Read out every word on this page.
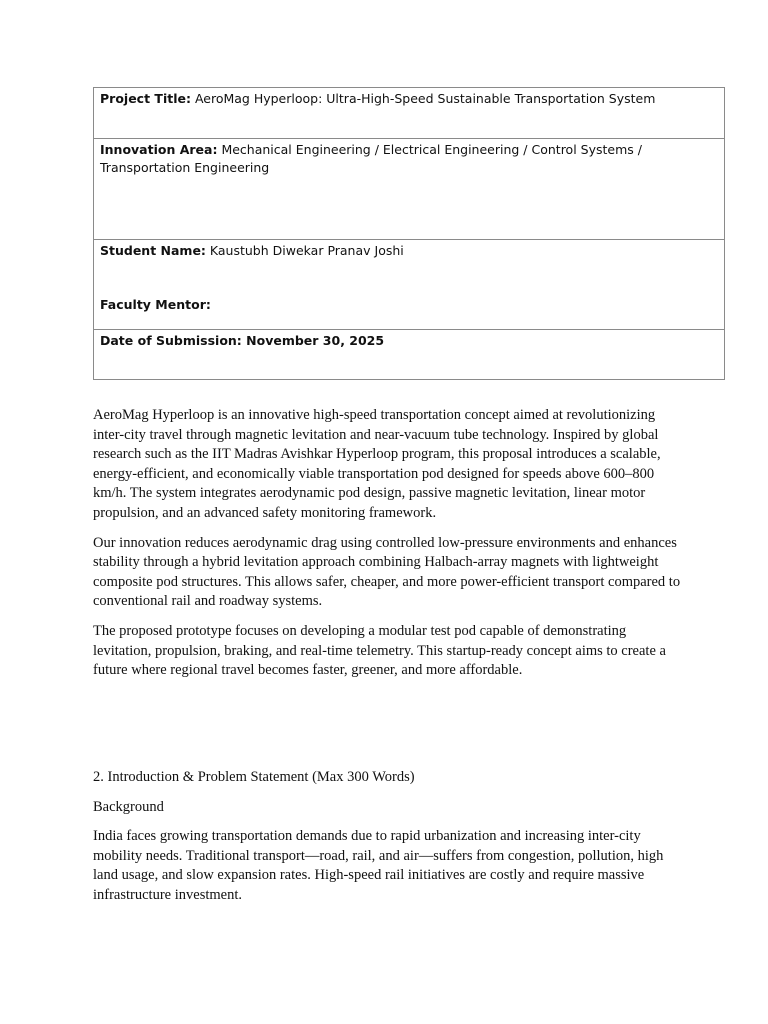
Project Title: AeroMag Hyperloop: Ultra-High-Speed Sustainable Transportation System
Innovation Area: Mechanical Engineering / Electrical Engineering / Control Systems / Transportation Engineering

Student Name: Kaustubh Diwekar Pranav Joshi
Faculty Mentor:

Date of Submission: November 30, 2025

AeroMag Hyperloop is an innovative high-speed transportation concept aimed at revolutionizing inter-city travel through magnetic levitation and near-vacuum tube technology. Inspired by global research such as the IIT Madras Avishkar Hyperloop program, this proposal introduces a scalable, energy-efficient, and economically viable transportation pod designed for speeds above 600–800 km/h. The system integrates aerodynamic pod design, passive magnetic levitation, linear motor propulsion, and an advanced safety monitoring framework.

Our innovation reduces aerodynamic drag using controlled low-pressure environments and enhances stability through a hybrid levitation approach combining Halbach-array magnets with lightweight composite pod structures. This allows safer, cheaper, and more power-efficient transport compared to conventional rail and roadway systems.

The proposed prototype focuses on developing a modular test pod capable of demonstrating levitation, propulsion, braking, and real-time telemetry. This startup-ready concept aims to create a future where regional travel becomes faster, greener, and more affordable.

2. Introduction & Problem Statement (Max 300 Words)

Background

India faces growing transportation demands due to rapid urbanization and increasing inter-city mobility needs. Traditional transport—road, rail, and air—suffers from congestion, pollution, high land usage, and slow expansion rates. High-speed rail initiatives are costly and require massive infrastructure investment.
